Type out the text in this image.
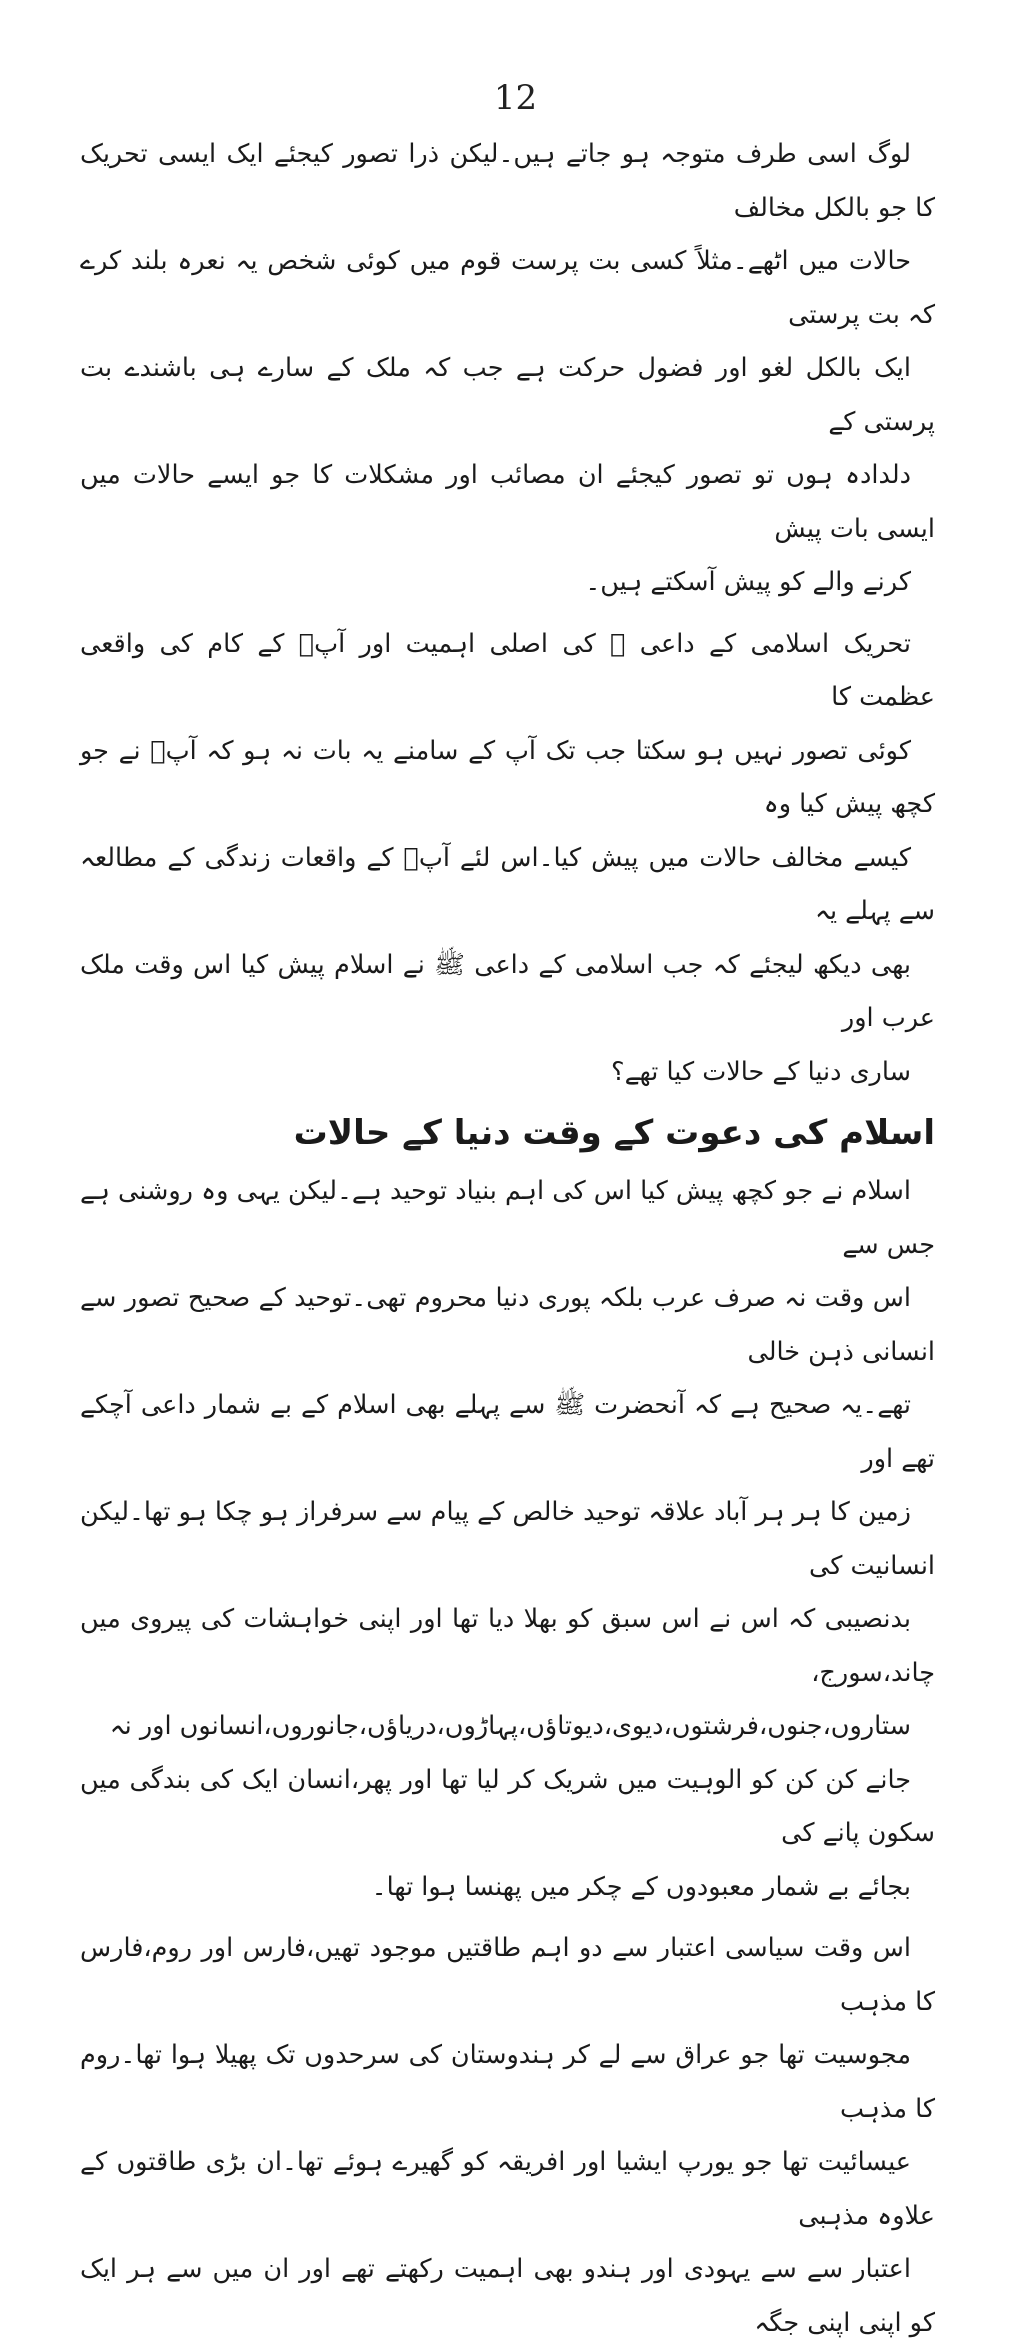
12

لوگ اسی طرف متوجہ ہو جاتے ہیں۔لیکن ذرا تصور کیجئے ایک ایسی تحریک کا جو بالکل مخالف
حالات میں اٹھے۔مثلاً کسی بت پرست قوم میں کوئی شخص یہ نعرہ بلند کرے کہ بت پرستی
ایک بالکل لغو اور فضول حرکت ہے جب کہ ملک کے سارے ہی باشندے بت پرستی کے
دلدادہ ہوں تو تصور کیجئے ان مصائب اور مشکلات کا جو ایسے حالات میں ایسی بات پیش
کرنے والے کو پیش آسکتے ہیں۔

تحریک اسلامی کے داعی ﷺ کی اصلی اہمیت اور آپؐ کے کام کی واقعی عظمت کا
کوئی تصور نہیں ہو سکتا جب تک آپ کے سامنے یہ بات نہ ہو کہ آپؐ نے جو کچھ پیش کیا وہ
کیسے مخالف حالات میں پیش کیا۔اس لئے آپؐ کے واقعات زندگی کے مطالعہ سے پہلے یہ
بھی دیکھ لیجئے کہ جب اسلامی کے داعی ﷺ نے اسلام پیش کیا اس وقت ملک عرب اور
ساری دنیا کے حالات کیا تھے؟

اسلام کی دعوت کے وقت دنیا کے حالات

اسلام نے جو کچھ پیش کیا اس کی اہم بنیاد توحید ہے۔لیکن یہی وہ روشنی ہے جس سے
اس وقت نہ صرف عرب بلکہ پوری دنیا محروم تھی۔توحید کے صحیح تصور سے انسانی ذہن خالی
تھے۔یہ صحیح ہے کہ آنحضرت ﷺ سے پہلے بھی اسلام کے بے شمار داعی آچکے تھے اور
زمین کا ہر ہر آباد علاقہ توحید خالص کے پیام سے سرفراز ہو چکا ہو تھا۔لیکن انسانیت کی
بدنصیبی کہ اس نے اس سبق کو بھلا دیا تھا اور اپنی خواہشات کی پیروی میں چاند،سورج،
ستاروں،جنوں،فرشتوں،دیوی،دیوتاؤں،پہاڑوں،دریاؤں،جانوروں،انسانوں اور نہ
جانے کن کن کو الوہیت میں شریک کر لیا تھا اور پھر،انسان ایک کی بندگی میں سکون پانے کی
بجائے بے شمار معبودوں کے چکر میں پھنسا ہوا تھا۔

اس وقت سیاسی اعتبار سے دو اہم طاقتیں موجود تھیں،فارس اور روم،فارس کا مذہب
مجوسیت تھا جو عراق سے لے کر ہندوستان کی سرحدوں تک پھیلا ہوا تھا۔روم کا مذہب
عیسائیت تھا جو یورپ ایشیا اور افریقہ کو گھیرے ہوئے تھا۔ان بڑی طاقتوں کے علاوہ مذہبی
اعتبار سے سے یہودی اور ہندو بھی اہمیت رکھتے تھے اور ان میں سے ہر ایک کو اپنی اپنی جگہ
